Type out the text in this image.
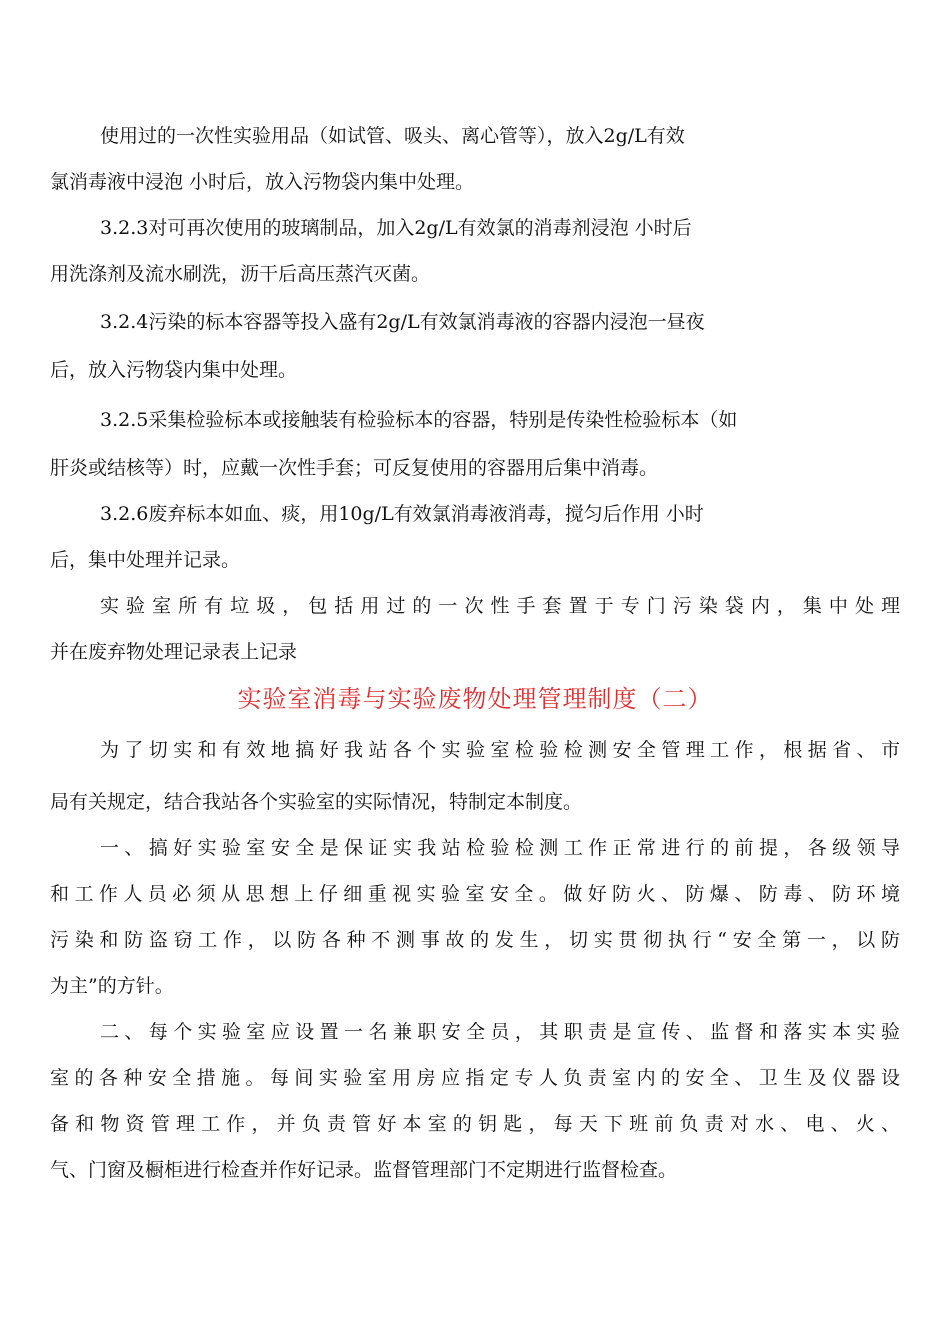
使用过的一次性实验用品（如试管、吸头、离心管等），放入2g/L有效
氯消毒液中浸泡 小时后，放入污物袋内集中处理。
3.2.3对可再次使用的玻璃制品，加入2g/L有效氯的消毒剂浸泡 小时后
用洗涤剂及流水刷洗，沥干后高压蒸汽灭菌。
3.2.4污染的标本容器等投入盛有2g/L有效氯消毒液的容器内浸泡一昼夜
后，放入污物袋内集中处理。
3.2.5采集检验标本或接触装有检验标本的容器，特别是传染性检验标本（如
肝炎或结核等）时，应戴一次性手套；可反复使用的容器用后集中消毒。
3.2.6废弃标本如血、痰，用10g/L有效氯消毒液消毒，搅匀后作用 小时
后，集中处理并记录。
实验室所有垃圾，包括用过的一次性手套置于专门污染袋内，集中处理
并在废弃物处理记录表上记录
实验室消毒与实验废物处理管理制度（二）
为了切实和有效地搞好我站各个实验室检验检测安全管理工作，根据省、市
局有关规定，结合我站各个实验室的实际情况，特制定本制度。
一、搞好实验室安全是保证实我站检验检测工作正常进行的前提，各级领导
和工作人员必须从思想上仔细重视实验室安全。做好防火、防爆、防毒、防环境
污染和防盗窃工作，以防各种不测事故的发生，切实贯彻执行“安全第一，以防
为主”的方针。
二、每个实验室应设置一名兼职安全员，其职责是宣传、监督和落实本实验
室的各种安全措施。每间实验室用房应指定专人负责室内的安全、卫生及仪器设
备和物资管理工作，并负责管好本室的钥匙，每天下班前负责对水、电、火、
气、门窗及橱柜进行检查并作好记录。监督管理部门不定期进行监督检查。
